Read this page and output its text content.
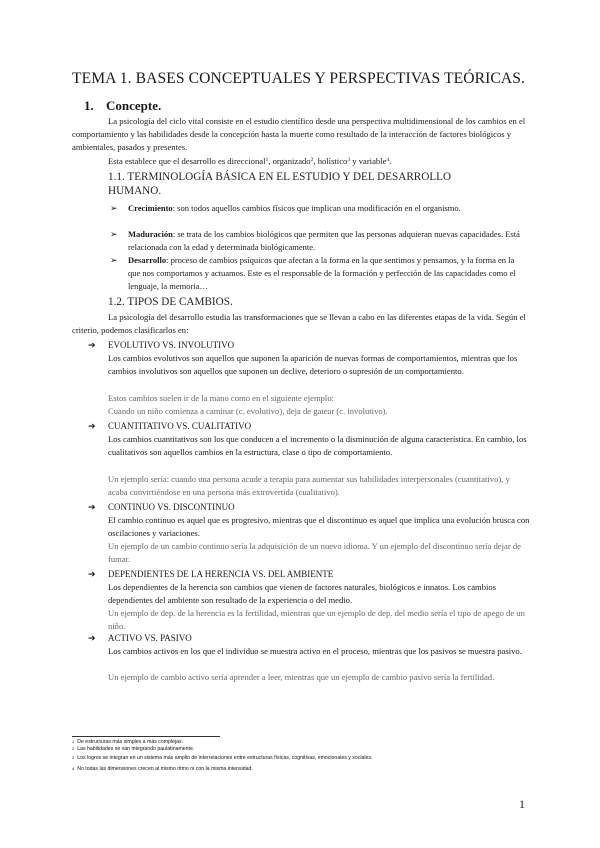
TEMA 1. BASES CONCEPTUALES Y PERSPECTIVAS TEÓRICAS.
1. Concepte.
La psicología del ciclo vital consiste en el estudio científico desde una perspectiva multidimensional de los cambios en el comportamiento y las habilidades desde la concepción hasta la muerte como resultado de la interacción de factores biológicos y ambientales, pasados y presentes.
Esta establece que el desarrollo es direccional$^1$, organizado$^2$, holístico$^3$ y variable$^4$.
1.1. TERMINOLOGÍA BÁSICA EN EL ESTUDIO Y DEL DESARROLLO
HUMANO.
➢ Crecimiento: son todos aquellos cambios físicos que implican una modificación en el organismo.
➢ Maduración: se trata de los cambios biológicos que permiten que las personas adquieran nuevas capacidades. Está relacionada con la edad y determinada biológicamente.
➢ Desarrollo: proceso de cambios psíquicos que afectan a la forma en la que sentimos y pensamos, y la forma en la que nos comportamos y actuamos. Este es el responsable de la formación y perfección de las capacidades como el lenguaje, la memoria…
1.2. TIPOS DE CAMBIOS.
La psicología del desarrollo estudia las transformaciones que se llevan a cabo en las diferentes etapas de la vida. Según el criterio, podemos clasificarlos en:
➔ EVOLUTIVO VS. INVOLUTIVO
Los cambios evolutivos son aquellos que suponen la aparición de nuevas formas de comportamientos, mientras que los cambios involutivos son aquellos que suponen un declive, deterioro o supresión de un comportamiento.
Estos cambios suelen ir de la mano como en el siguiente ejemplo:
Cuando un niño comienza a caminar (c. evolutivo), deja de gatear (c. involutivo).
➔ CUANTITATIVO VS. CUALITATIVO
Los cambios cuantitativos son los que conducen a el incremento o la disminución de alguna característica. En cambio, los cualitativos son aquellos cambios en la estructura, clase o tipo de comportamiento.
Un ejemplo sería: cuando una persona acude a terapia para aumentar sus habilidades interpersonales (cuantitativo), y acaba convirtiéndose en una persona más extrovertida (cualitativo).
➔ CONTINUO VS. DISCONTINUO
El cambio continuo es aquel que es progresivo, mientras que el discontinuo es aquel que implica una evolución brusca con oscilaciones y variaciones.
Un ejemplo de un cambio continuo sería la adquisición de un nuevo idioma. Y un ejemplo del discontinuo sería dejar de fumar.
➔ DEPENDIENTES DE LA HERENCIA VS. DEL AMBIENTE
Los dependientes de la herencia son cambios que vienen de factores naturales, biológicos e innatos. Los cambios dependientes del ambiente son resultado de la experiencia o del medio.
Un ejemplo de dep. de la herencia es la fertilidad, mientras que un ejemplo de dep. del medio sería el tipo de apego de un niño.
➔ ACTIVO VS. PASIVO
Los cambios activos en los que el individuo se muestra activo en el proceso, mientras que los pasivos se muestra pasivo.
Un ejemplo de cambio activo sería aprender a leer, mientras que un ejemplo de cambio pasivo sería la fertilidad.
$^1$ De estructuras más simples a más complejas.
$^2$ Las habilidades se van integrando paulatinamente.
$^3$ Los logros se integran en un sistema más amplio de interrelaciones entre estructuras físicas, cognitivas, emocionales y sociales.
$^4$ No todas las dimensiones crecen al mismo ritmo ni con la misma intensidad.
1
